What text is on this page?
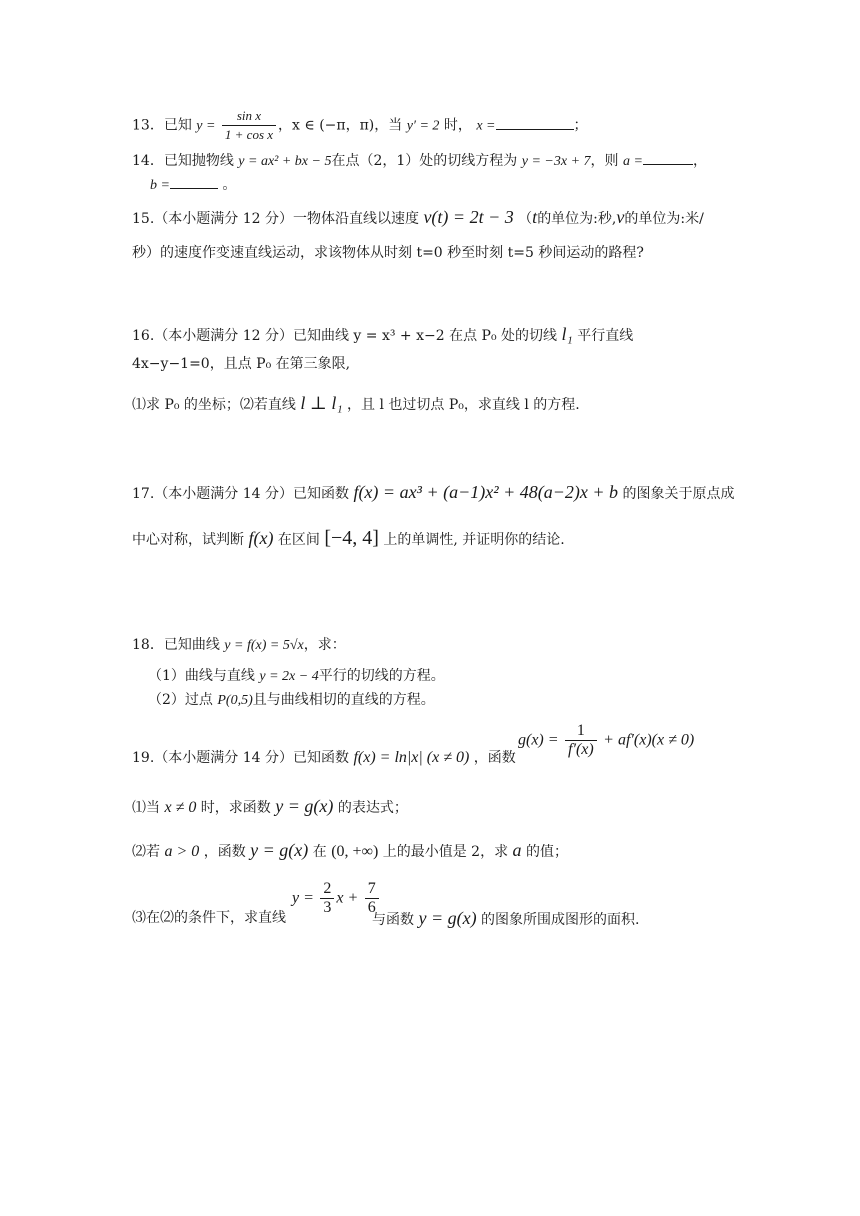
13．已知 $y = \frac{\text{sin x}}{\text{1 + cos x}}$ ，x ∈ (−π，π)，当 y′ = 2 时， x =	；
14．已知抛物线 y = ax² + bx − 5在点（2，1）处的切线方程为 y = −3x + 7，则 a =	，
b =	。
15.（本小题满分 12 分）一物体沿直线以速度 v(t) = 2t − 3 （t的单位为:秒,v的单位为:米/
秒）的速度作变速直线运动，求该物体从时刻 t=0 秒至时刻 t=5 秒间运动的路程?
16.（本小题满分 12 分）已知曲线 y = x³ + x−2 在点 P₀ 处的切线 l₁ 平行直线
4x−y−1=0，且点 P₀ 在第三象限,
⑴求 P₀ 的坐标；⑵若直线 l ⊥ l₁ ，且 l 也过切点 P₀，求直线 l 的方程.
17.（本小题满分 14 分）已知函数 f(x) = ax³ + (a−1)x² + 48(a−2)x + b 的图象关于原点成
中心对称，试判断 f(x) 在区间 [−4, 4] 上的单调性, 并证明你的结论.
18．已知曲线 y = f(x) = 5√x，求：
（1）曲线与直线 y = 2x − 4平行的切线的方程。
（2）过点 P(0,5)且与曲线相切的直线的方程。
19.（本小题满分 14 分）已知函数 f(x) = ln|x| (x ≠ 0) ，函数
$g(x) = \frac{1}{f'(x)} + af'(x)(x \ne 0)$
⑴当 x ≠ 0 时，求函数 y = g(x) 的表达式；
⑵若 a > 0 ，函数 y = g(x) 在 (0, +∞) 上的最小值是 2，求 a 的值；
⑶在⑵的条件下，求直线
$y = \frac{2}{3}$ $x + \frac{7}{6}$
与函数 y = g(x) 的图象所围成图形的面积.
